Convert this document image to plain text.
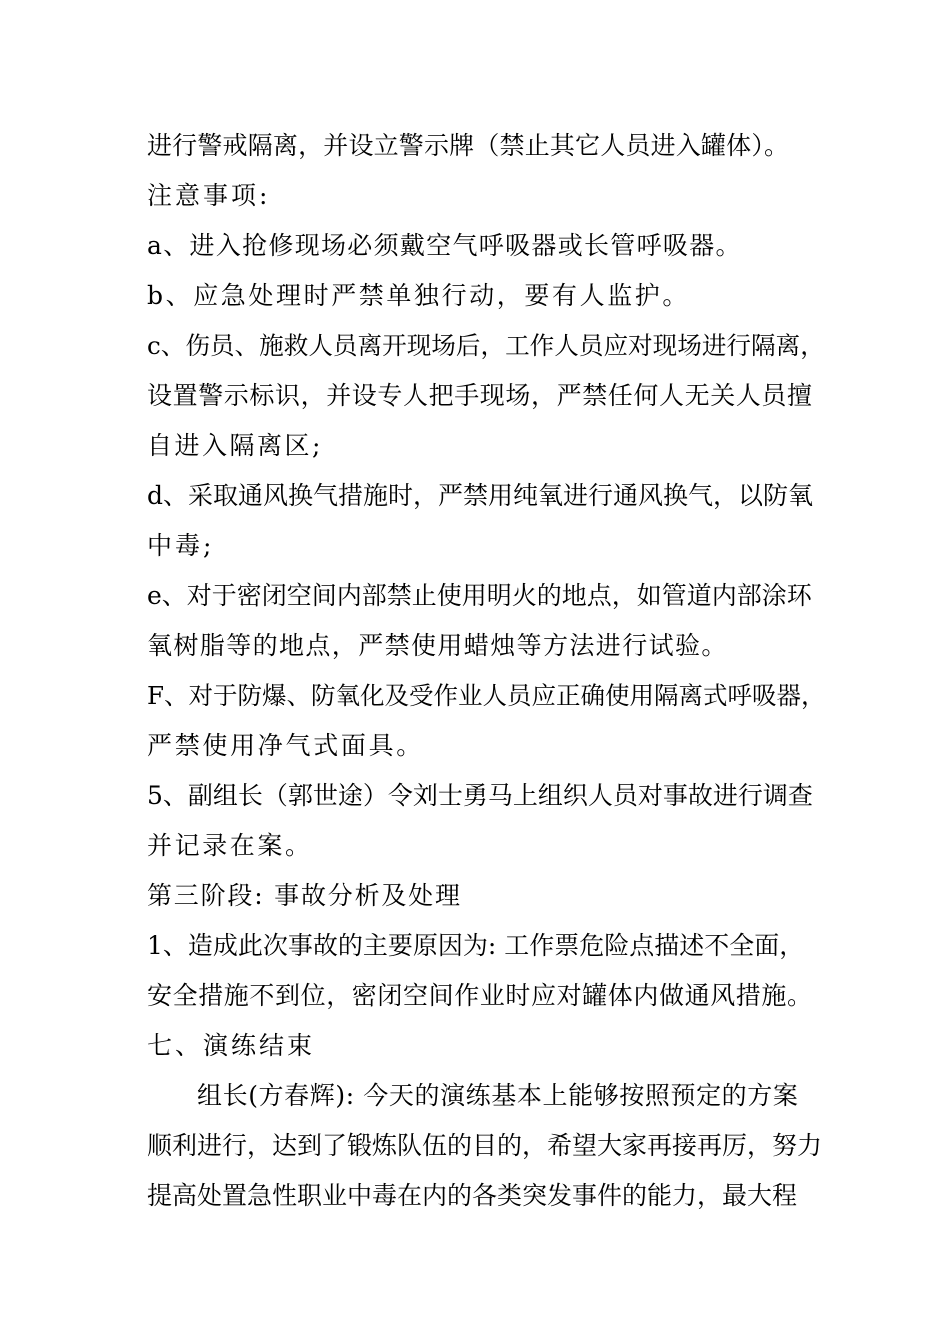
进行警戒隔离，并设立警示牌（禁止其它人员进入罐体）。
注意事项:
a、进入抢修现场必须戴空气呼吸器或长管呼吸器。
b、应急处理时严禁单独行动，要有人监护。
c、伤员、施救人员离开现场后，工作人员应对现场进行隔离，
设置警示标识，并设专人把手现场，严禁任何人无关人员擅
自进入隔离区;
d、采取通风换气措施时，严禁用纯氧进行通风换气，以防氧
中毒;
e、对于密闭空间内部禁止使用明火的地点，如管道内部涂环
氧树脂等的地点，严禁使用蜡烛等方法进行试验。
F、对于防爆、防氧化及受作业人员应正确使用隔离式呼吸器，
严禁使用净气式面具。
5、副组长（郭世途）令刘士勇马上组织人员对事故进行调查
并记录在案。
第三阶段: 事故分析及处理
1、造成此次事故的主要原因为: 工作票危险点描述不全面，
安全措施不到位，密闭空间作业时应对罐体内做通风措施。
七、演练结束
组长(方春辉): 今天的演练基本上能够按照预定的方案
顺利进行，达到了锻炼队伍的目的，希望大家再接再厉，努力
提高处置急性职业中毒在内的各类突发事件的能力，最大程
